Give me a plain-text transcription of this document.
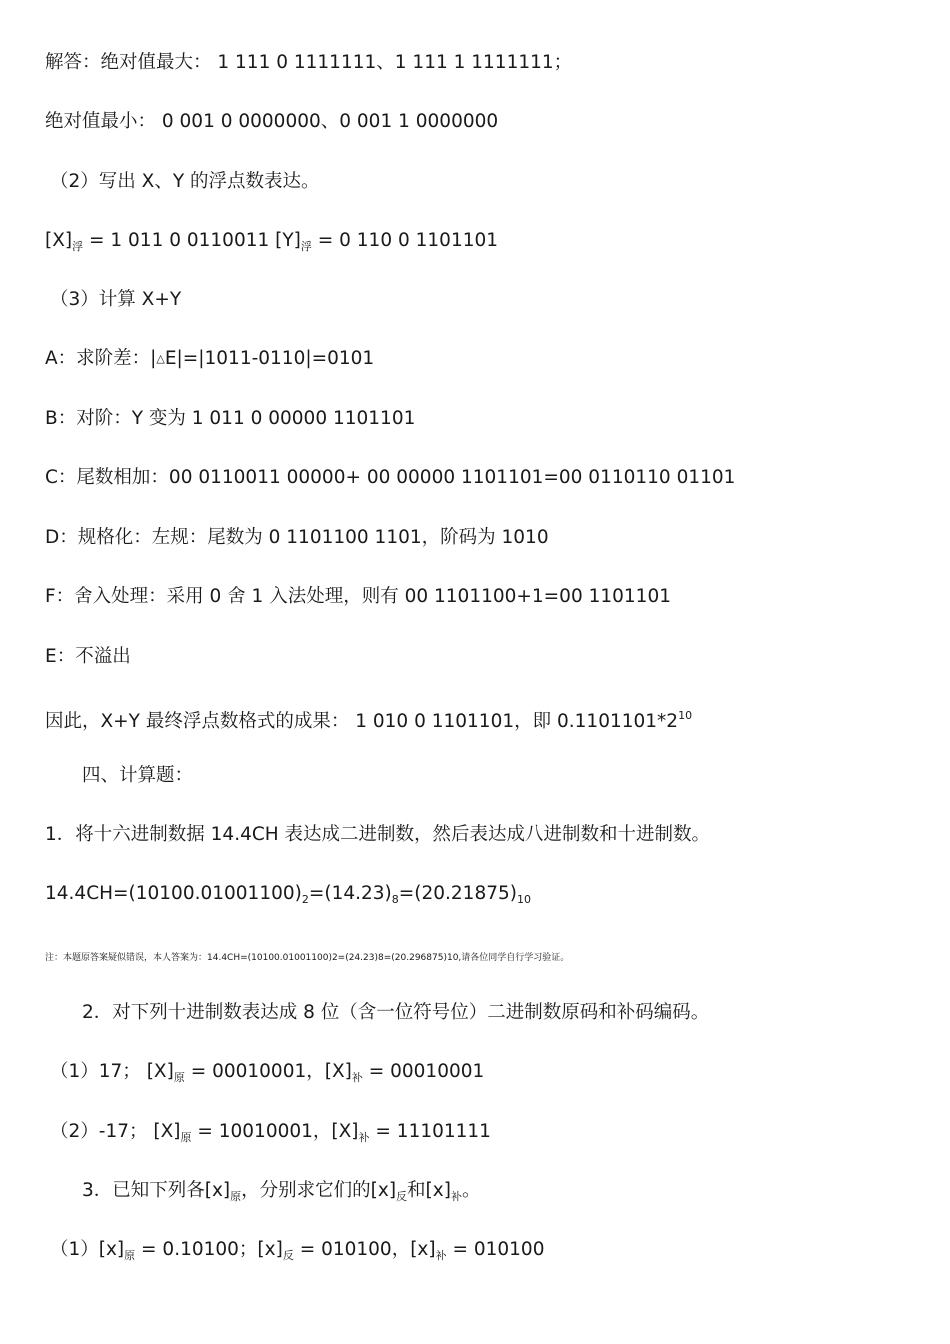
解答：绝对值最大： 1 111 0 1111111、1 111 1 1111111；
绝对值最小： 0 001 0 0000000、0 001 1 0000000
（2）写出 X、Y 的浮点数表达。
$[X]_浮 = 1$ 011 0 0110011 $[Y]_浮 = 0$ 110 0 1101101
（3）计算 X+Y
A：求阶差：|△E|=|1011-0110|=0101
B：对阶：Y 变为 1 011 0 00000 1101101
C：尾数相加：00 0110011 00000+ 00 00000 1101101=00 0110110 01101
D：规格化：左规：尾数为 0 1101100 1101，阶码为 1010
F：舍入处理：采用 0 舍 1 入法处理，则有 00 1101100+1=00 1101101
E：不溢出
因此，X+Y 最终浮点数格式的成果： 1 010 0 1101101，即 $0.1101101*2^{10}$
四、计算题：
1．将十六进制数据 14.4CH 表达成二进制数，然后表达成八进制数和十进制数。
$14.4CH=(10100.01001100)_2=(14.23)_8=(20.21875)_{10}$
注：本题原答案疑似错误，本人答案为：14.4CH=(10100.01001100)2=(24.23)8=(20.296875)10,请各位同学自行学习验证。
2．对下列十进制数表达成 8 位（含一位符号位）二进制数原码和补码编码。
（1）17； $[X]_原 = 00010001$，$[X]_补 = 00010001$
（2）-17； $[X]_原 = 10010001$，$[X]_补 = 11101111$
3．已知下列各$[x]_原$，分别求它们的$[x]_反$和$[x]_补$。
$(1)[x]_原 = 0.10100$；$[x]_反 = 010100$，$[x]_补 = 010100$
